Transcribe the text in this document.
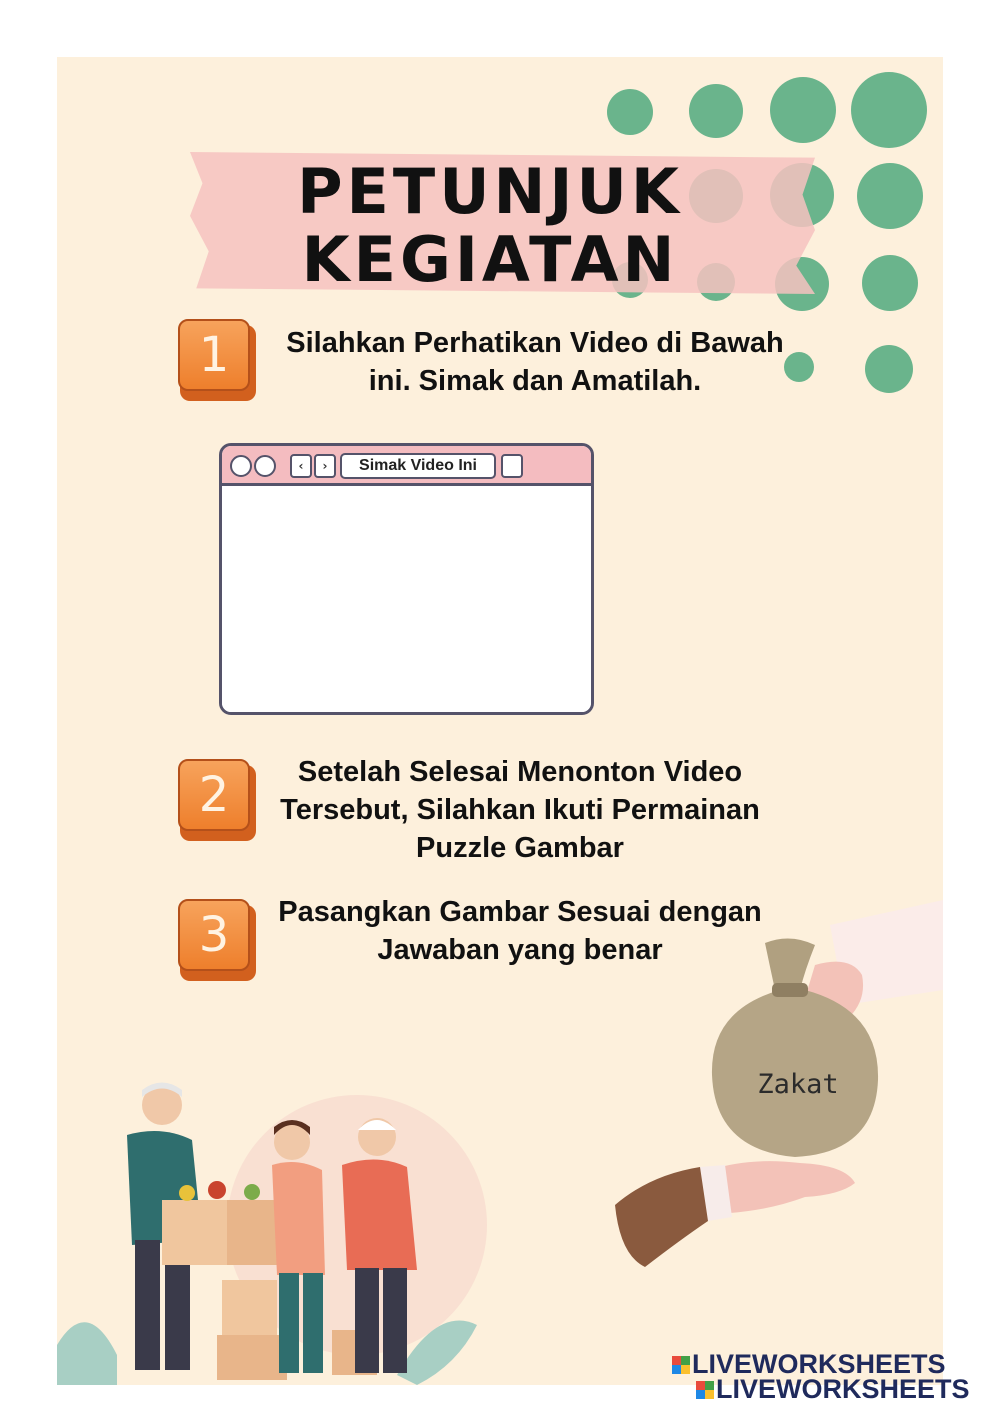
PETUNJUK
KEGIATAN
1	Silahkan Perhatikan Video di Bawah
ini. Simak dan Amatilah.
‹	›	Simak Video Ini
2	Setelah Selesai Menonton Video
Tersebut, Silahkan Ikuti Permainan
Puzzle Gambar
3	Pasangkan Gambar Sesuai dengan
Jawaban yang benar
Zakat
LIVEWORKSHEETS
LIVEWORKSHEETS
